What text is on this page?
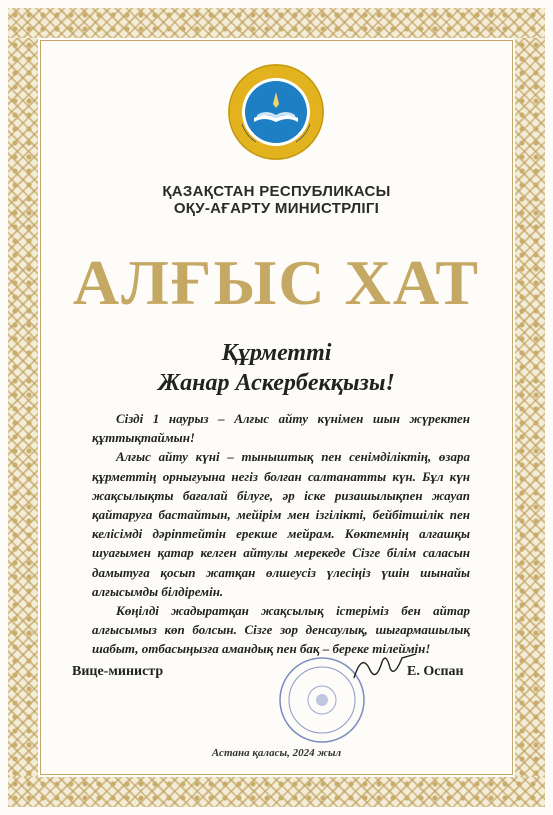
ҚАЗАҚСТАН РЕСПУБЛИКАСЫ
ОҚУ-АҒАРТУ МИНИСТРЛІГІ
АЛҒЫС ХАТ
Құрметті
Жанар Аскербекқызы!

Сізді 1 наурыз – Алғыс айту күнімен шын жүректен құттықтаймын!

Алғыс айту күні – тыныштық пен сенімділіктің, өзара құрметтің орнығуына негіз болған салтанатты күн. Бұл күн жақсылықты бағалай білуге, әр іске ризашылықпен жауап қайтаруға бастайтын, мейірім мен ізгілікті, бейбітшілік пен келісімді дәріптейтін ерекше мейрам. Көктемнің алғашқы шуағымен қатар келген айтулы мерекеде Сізге білім саласын дамытуға қосып жатқан өлшеусіз үлесіңіз үшін шынайы алғысымды білдіремін.

Көңілді жадыратқан жақсылық істеріміз бен айтар алғысымыз көп болсын. Сізге зор денсаулық, шығармашылық шабыт, отбасыңызға амандық пен бақ – береке тілеймін!

Вице-министр	Е. Оспан
Астана қаласы, 2024 жыл
